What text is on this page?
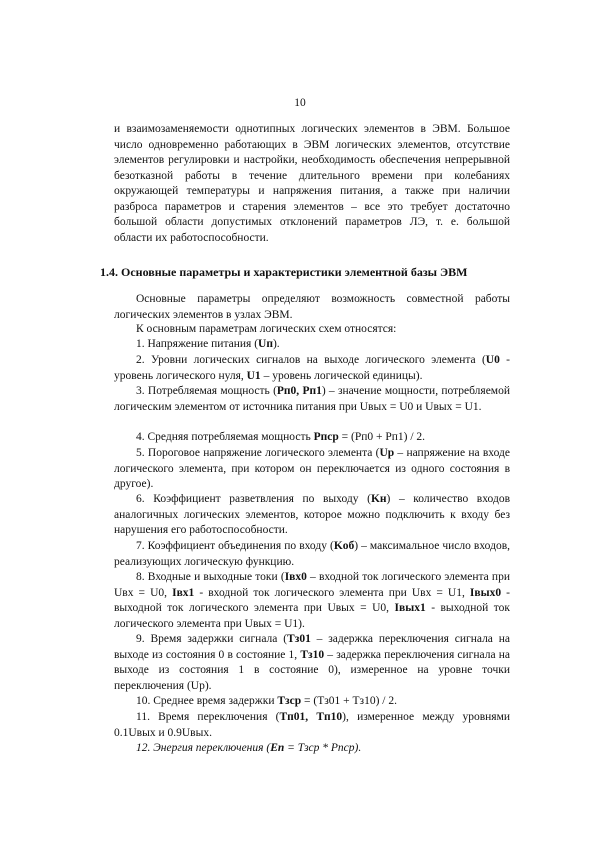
10

и взаимозаменяемости однотипных логических элементов в ЭВМ. Большое число одновременно работающих в ЭВМ логических элементов, отсутствие элементов регулировки и настройки, необходимость обеспечения непрерывной безотказной работы в течение длительного времени при колебаниях окружающей температуры и напряжения питания, а также при наличии разброса параметров и старения элементов – все это требует достаточно большой области допустимых отклонений параметров ЛЭ, т. е. большой области их работоспособности.

1.4. Основные параметры и характеристики элементной базы ЭВМ

Основные параметры определяют возможность совместной работы логических элементов в узлах ЭВМ.

К основным параметрам логических схем относятся:

1. Напряжение питания (Uп).

2. Уровни логических сигналов на выходе логического элемента (U0 - уровень логического нуля, U1 – уровень логической единицы).

3. Потребляемая мощность (Pп0, Pп1) – значение мощности, потребляемой логическим элементом от источника питания при Uвых = U0 и Uвых = U1.

4. Средняя потребляемая мощность Pпср = (Pп0 + Pп1) / 2.

5. Пороговое напряжение логического элемента (Uр – напряжение на входе логического элемента, при котором он переключается из одного состояния в другое).

6. Коэффициент разветвления по выходу (Kн) – количество входов аналогичных логических элементов, которое можно подключить к входу без нарушения его работоспособности.

7. Коэффициент объединения по входу (Kоб) – максимальное число входов, реализующих логическую функцию.

8. Входные и выходные токи (Iвх0 – входной ток логического элемента при Uвх = U0, Iвх1 - входной ток логического элемента при Uвх = U1, Iвых0 - выходной ток логического элемента при Uвых = U0, Iвых1 - выходной ток логического элемента при Uвых = U1).

9. Время задержки сигнала (Tз01 – задержка переключения сигнала на выходе из состояния 0 в состояние 1, Tз10 – задержка переключения сигнала на выходе из состояния 1 в состояние 0), измеренное на уровне точки переключения (Uр).

10. Среднее время задержки Tзср = (Tз01 + Tз10) / 2.

11. Время переключения (Tп01, Tп10), измеренное между уровнями 0.1Uвых и 0.9Uвых.

12. Энергия переключения (Eп = Тзср * Pпср).
